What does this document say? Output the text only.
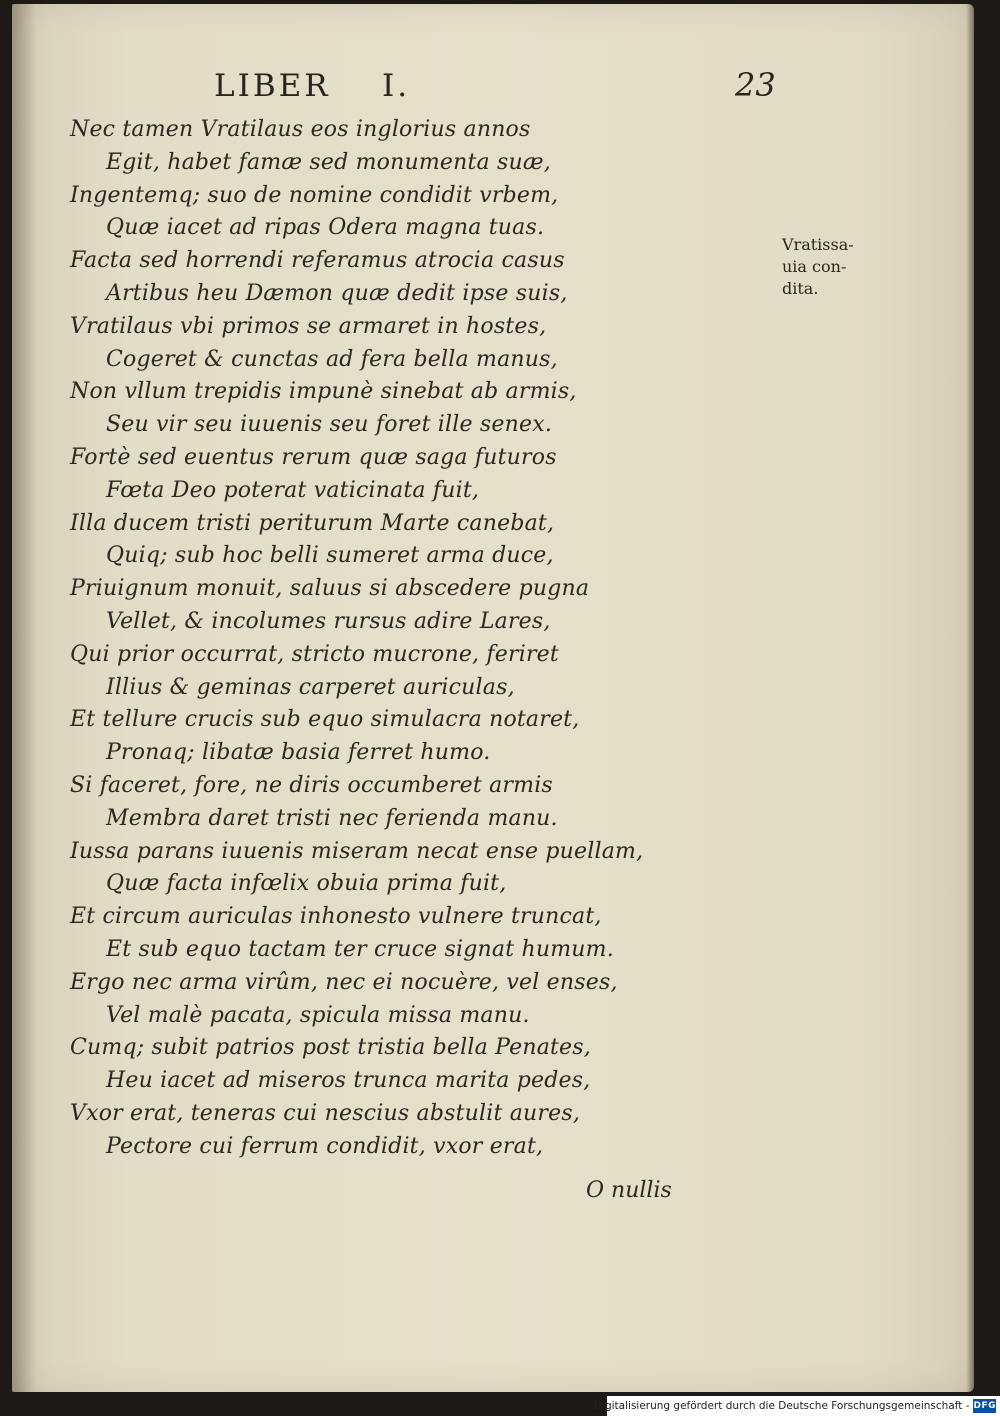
LIBER I.	23
Nec tamen Vratilaus eos inglorius annos
Egit, habet famæ sed monumenta suæ,
Ingentemq; suo de nomine condidit vrbem,
Quæ iacet ad ripas Odera magna tuas.
Facta sed horrendi referamus atrocia casus
Artibus heu Dæmon quæ dedit ipse suis,
Vratilaus vbi primos se armaret in hostes,
Cogeret & cunctas ad fera bella manus,
Non vllum trepidis impunè sinebat ab armis,
Seu vir seu iuuenis seu foret ille senex.
Fortè sed euentus rerum quæ saga futuros
Fœta Deo poterat vaticinata fuit,
Illa ducem tristi periturum Marte canebat,
Quiq; sub hoc belli sumeret arma duce,
Priuignum monuit, saluus si abscedere pugna
Vellet, & incolumes rursus adire Lares,
Qui prior occurrat, stricto mucrone, feriret
Illius & geminas carperet auriculas,
Et tellure crucis sub equo simulacra notaret,
Pronaq; libatæ basia ferret humo.
Si faceret, fore, ne diris occumberet armis
Membra daret tristi nec ferienda manu.
Iussa parans iuuenis miseram necat ense puellam,
Quæ facta infœlix obuia prima fuit,
Et circum auriculas inhonesto vulnere truncat,
Et sub equo tactam ter cruce signat humum.
Ergo nec arma virûm, nec ei nocuère, vel enses,
Vel malè pacata, spicula missa manu.
Cumq; subit patrios post tristia bella Penates,
Heu iacet ad miseros trunca marita pedes,
Vxor erat, teneras cui nescius abstulit aures,
Pectore cui ferrum condidit, vxor erat,
Vratissa-
uia con-
dita.
O nullis
Digitalisierung gefördert durch die Deutsche Forschungsgemeinschaft - DFG
